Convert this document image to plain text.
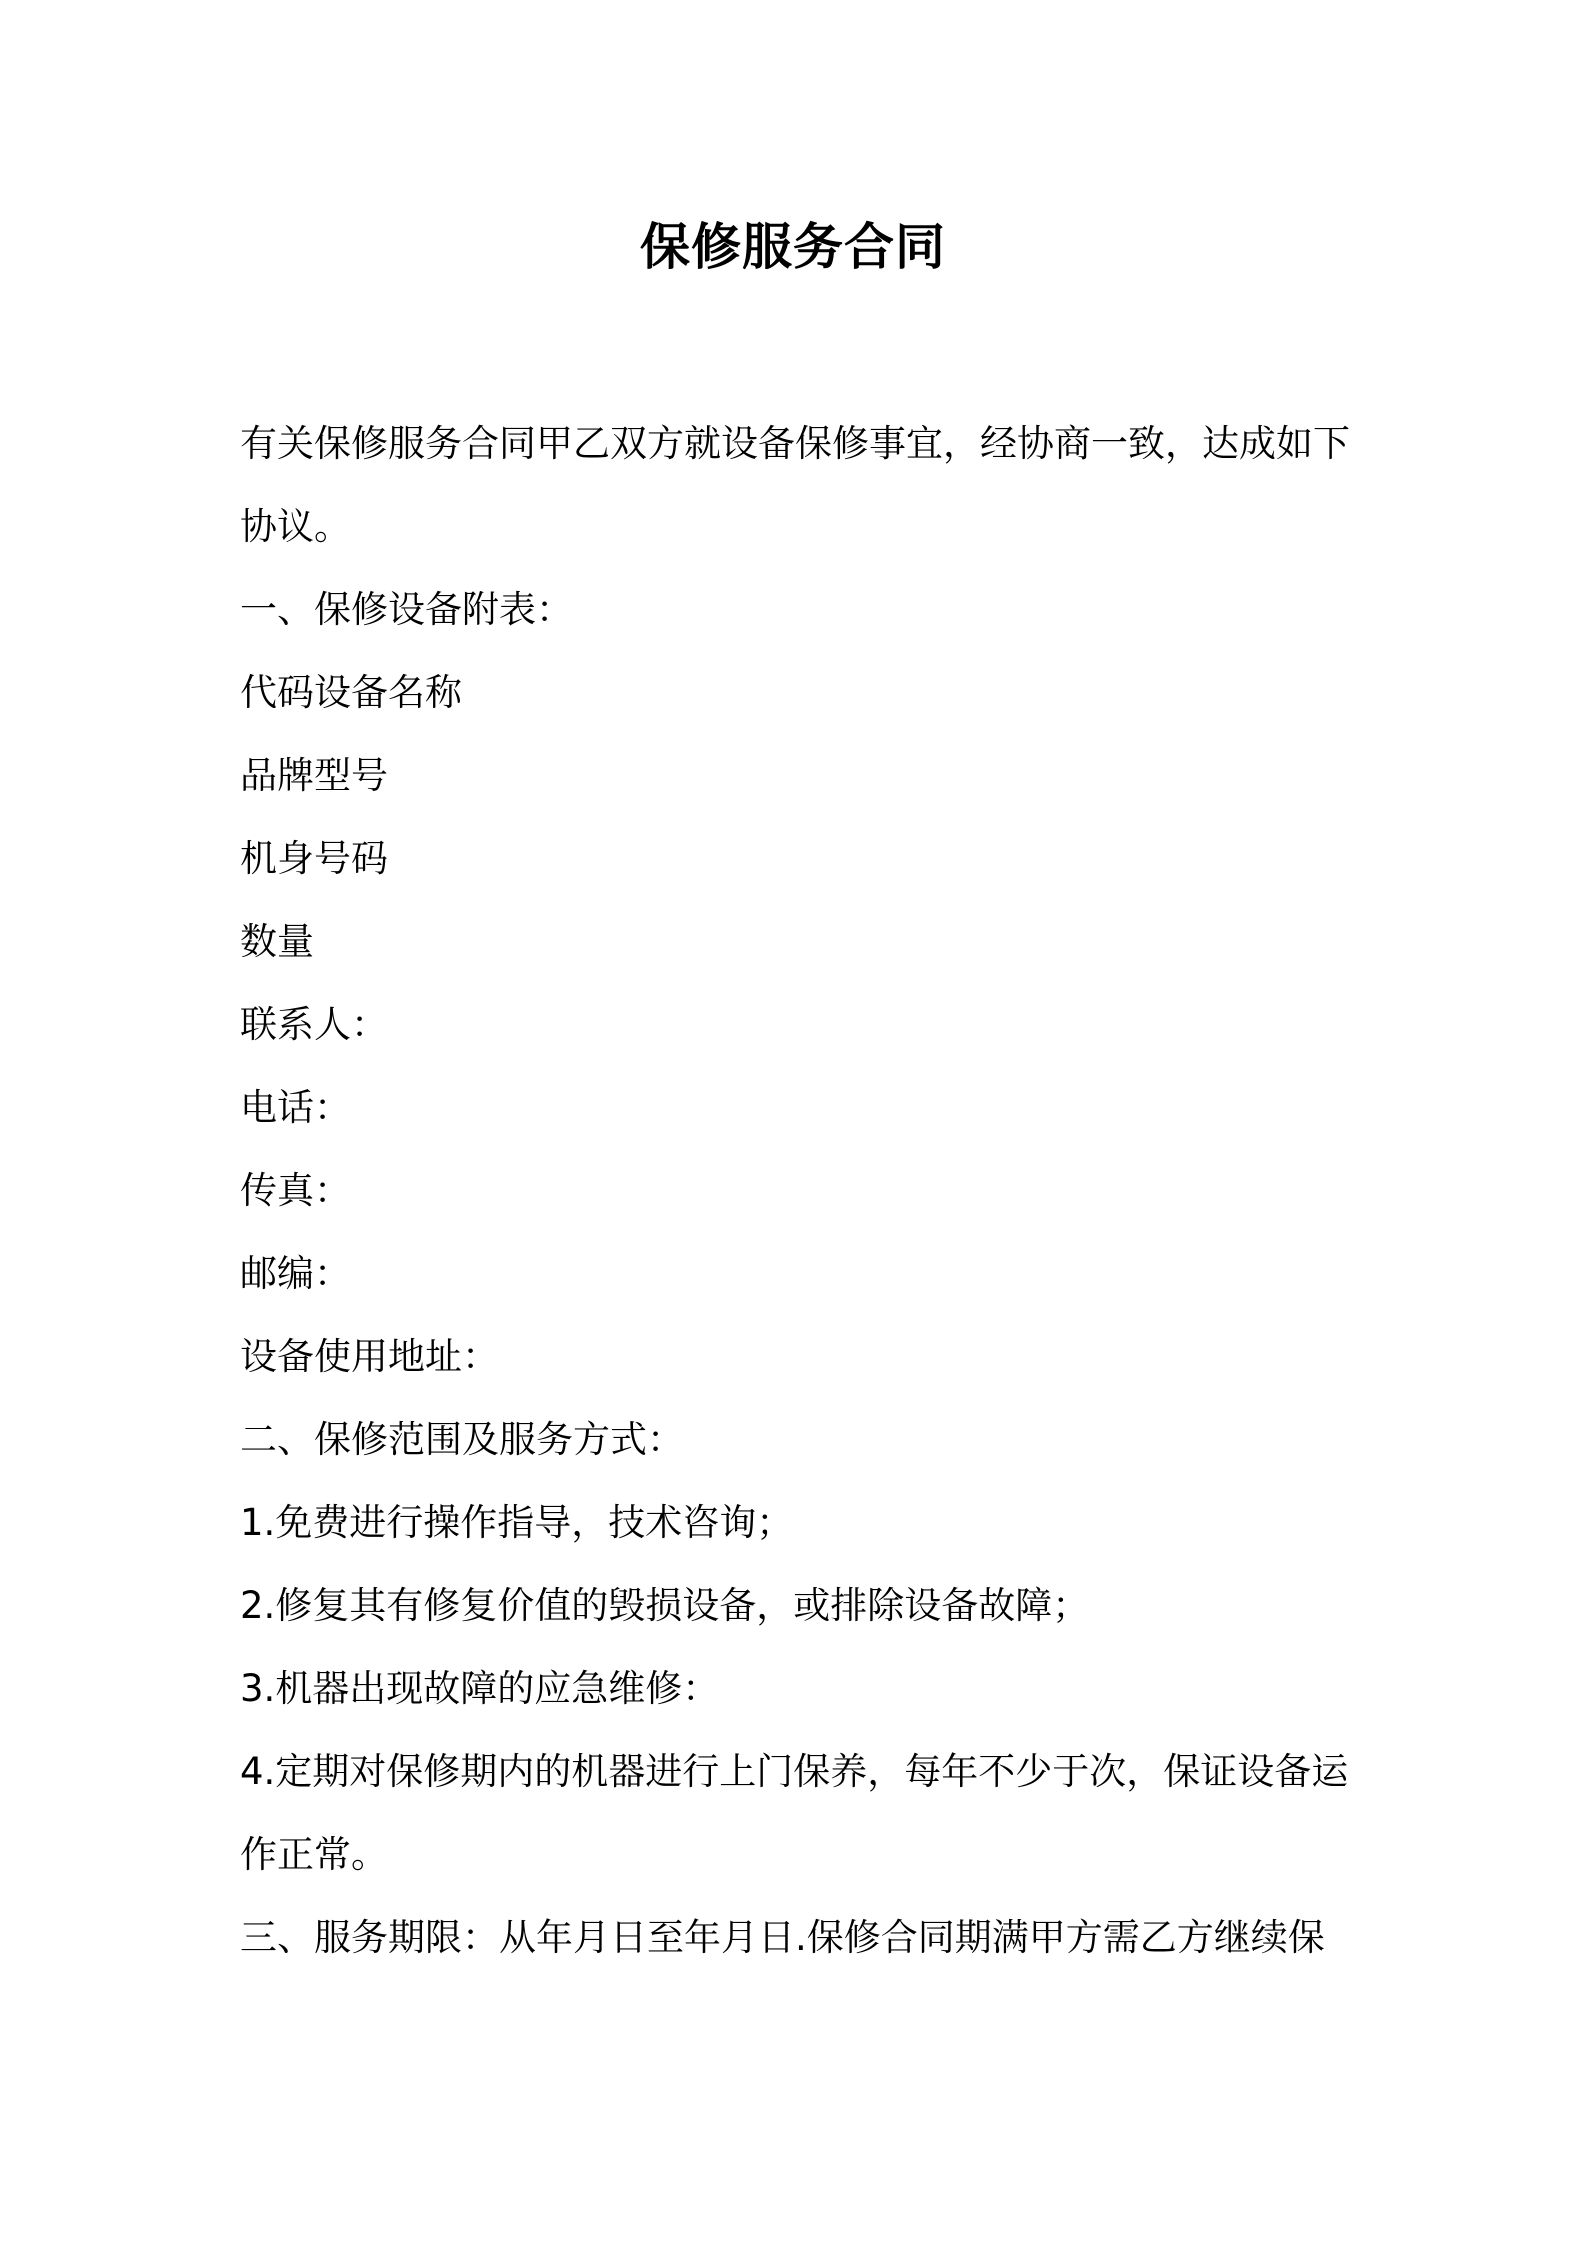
保修服务合同

有关保修服务合同甲乙双方就设备保修事宜，经协商一致，达成如下

协议。

一、保修设备附表：

代码设备名称

品牌型号

机身号码

数量

联系人：

电话：

传真：

邮编：

设备使用地址：

二、保修范围及服务方式：

1.免费进行操作指导，技术咨询；

2.修复其有修复价值的毁损设备，或排除设备故障；

3.机器出现故障的应急维修：

4.定期对保修期内的机器进行上门保养，每年不少于次，保证设备运

作正常。

三、服务期限：从年月日至年月日.保修合同期满甲方需乙方继续保
